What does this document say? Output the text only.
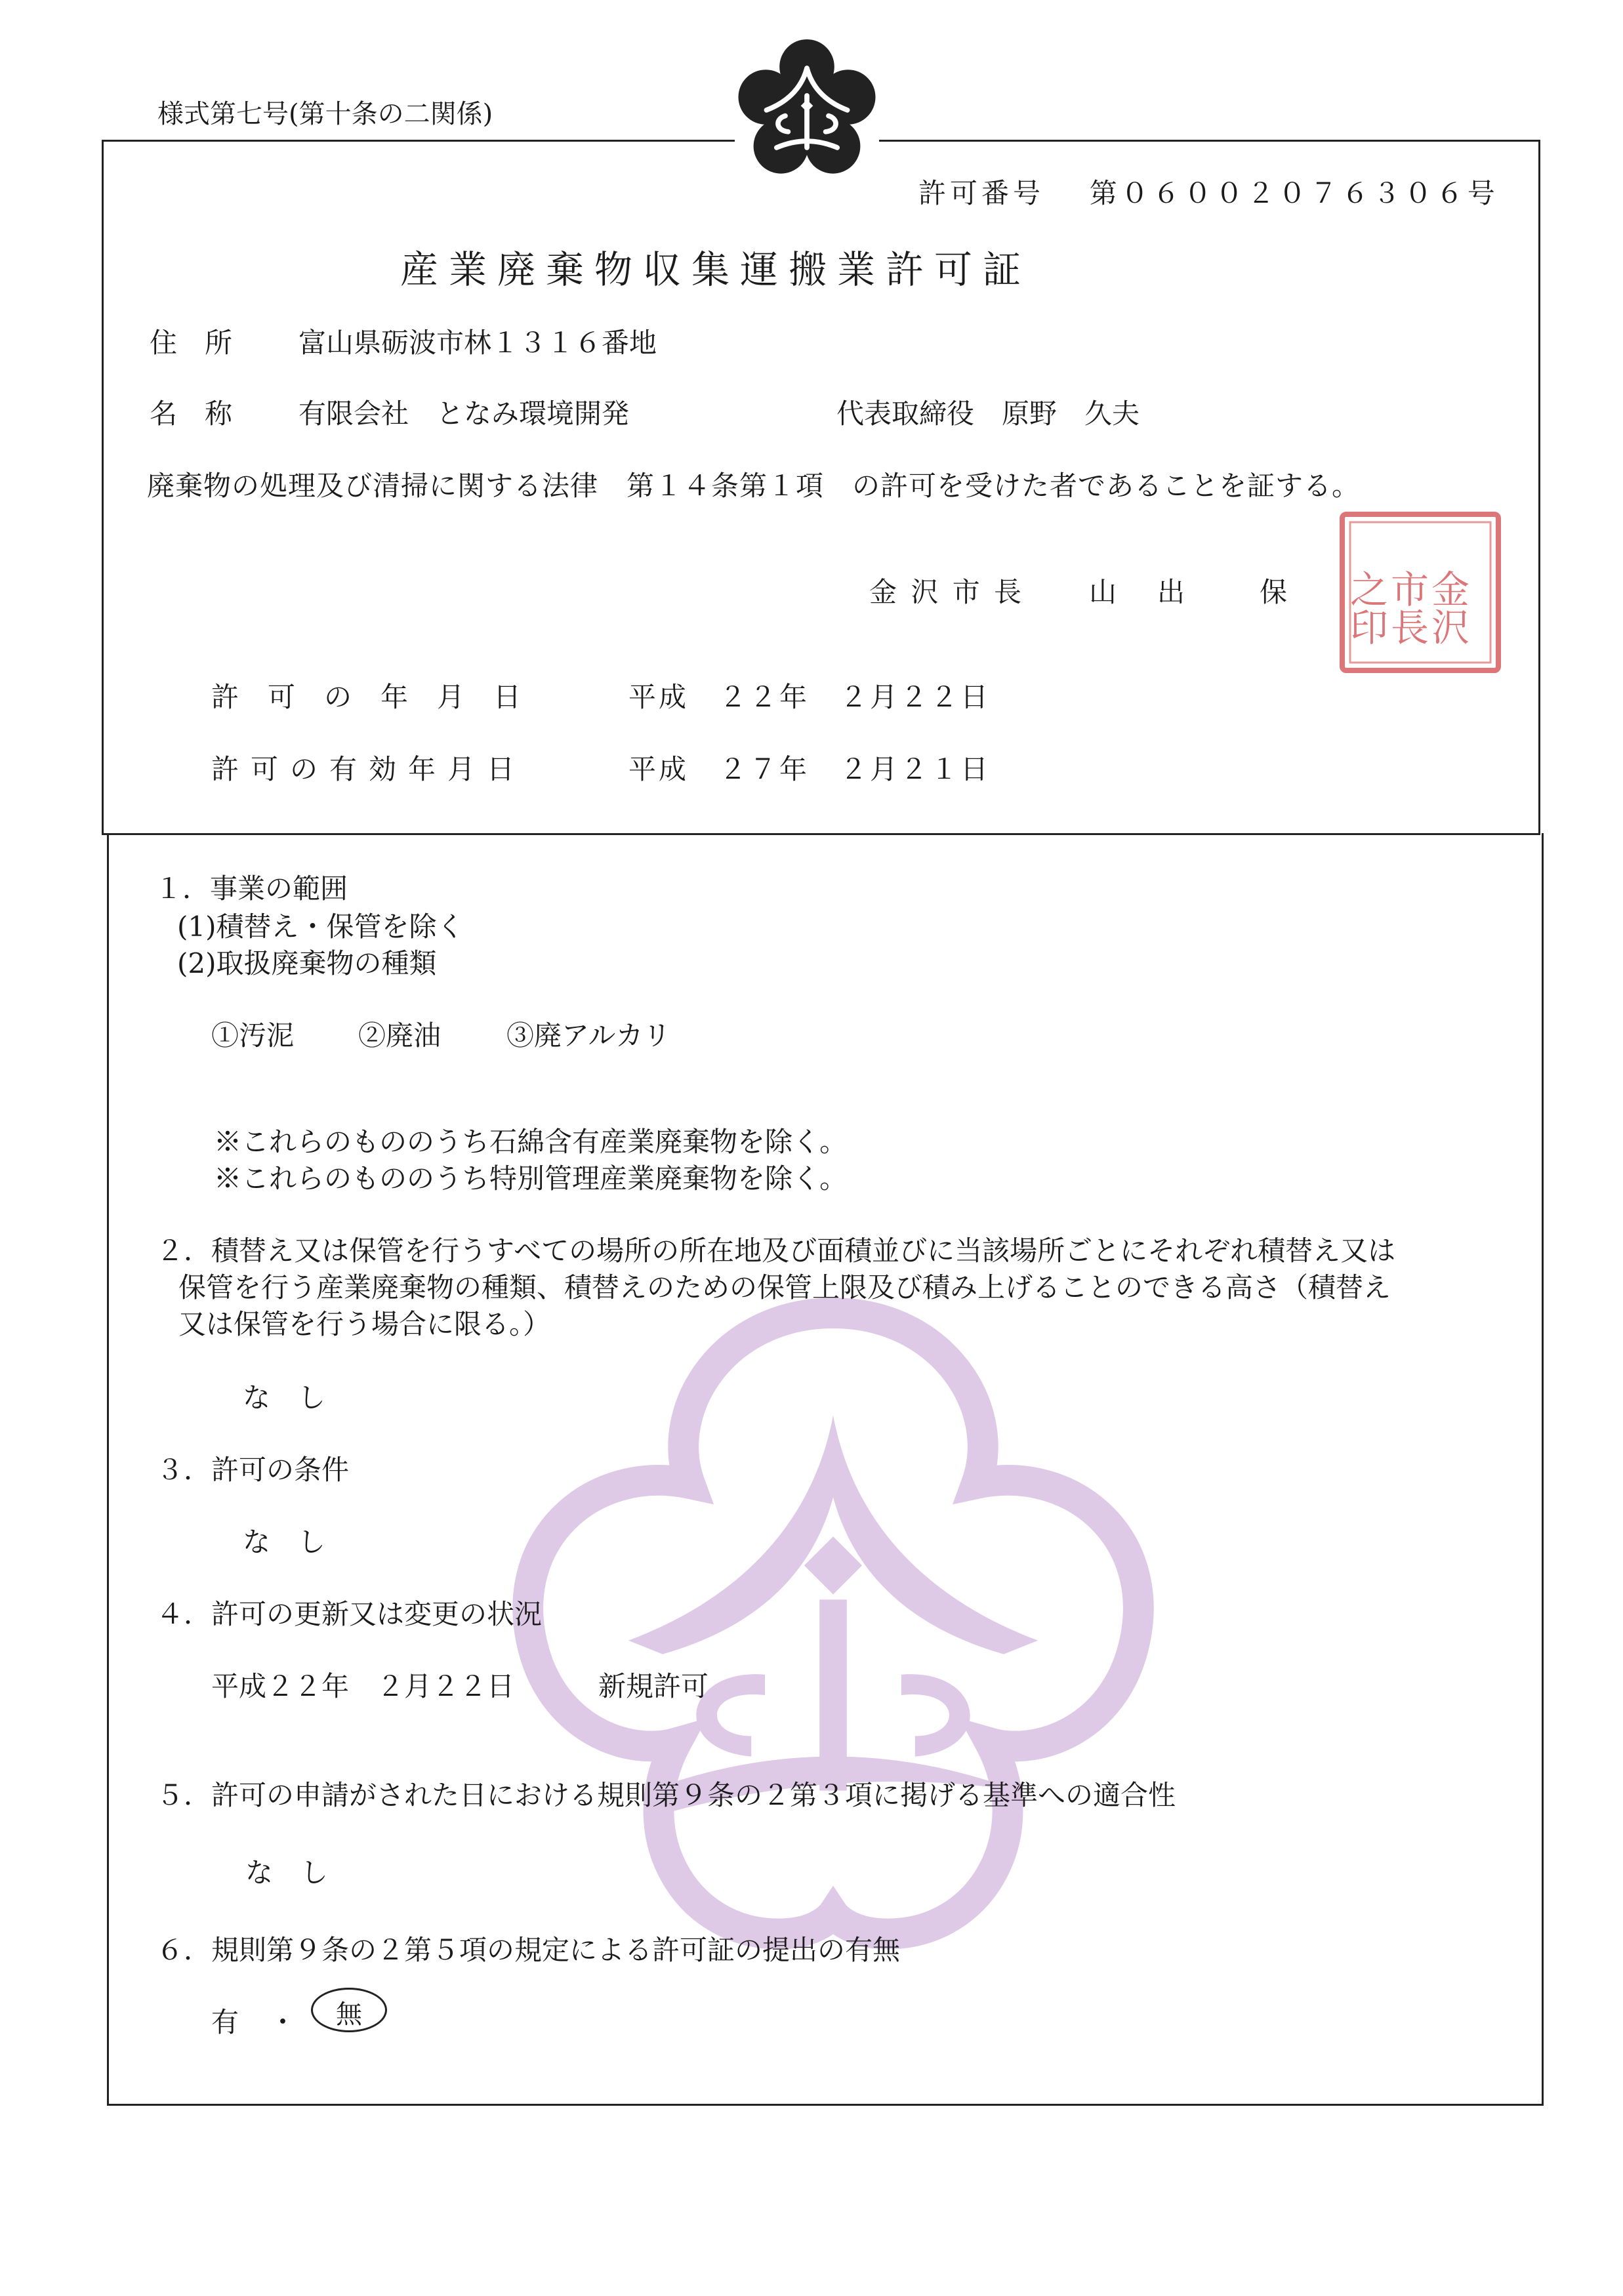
様式第七号(第十条の二関係)
許可番号 第０６００２０７６３０６号
産業廃棄物収集運搬業許可証
住　所 富山県砺波市林１３１６番地
名　称 有限会社　となみ環境開発	代表取締役　原野　久夫
廃棄物の処理及び清掃に関する法律　第１４条第１項　の許可を受けた者であることを証する。
金 沢 市 長 山　出　　保	金沢
市長
之印
許可の年月日	平成　２２年　２月２２日
許可の有効年月日	平成　２７年　２月２１日
１．事業の範囲
(1)積替え・保管を除く
(2)取扱廃棄物の種類
①汚泥 ②廃油 ③廃アルカリ
※これらのもののうち石綿含有産業廃棄物を除く。
※これらのもののうち特別管理産業廃棄物を除く。
２．積替え又は保管を行うすべての場所の所在地及び面積並びに当該場所ごとにそれぞれ積替え又は
保管を行う産業廃棄物の種類、積替えのための保管上限及び積み上げることのできる高さ（積替え
又は保管を行う場合に限る。）
な　し
３．許可の条件
な　し
４．許可の更新又は変更の状況
平成２２年　２月２２日	新規許可
５．許可の申請がされた日における規則第９条の２第３項に掲げる基準への適合性
な　し
６．規則第９条の２第５項の規定による許可証の提出の有無
有 ・	無
